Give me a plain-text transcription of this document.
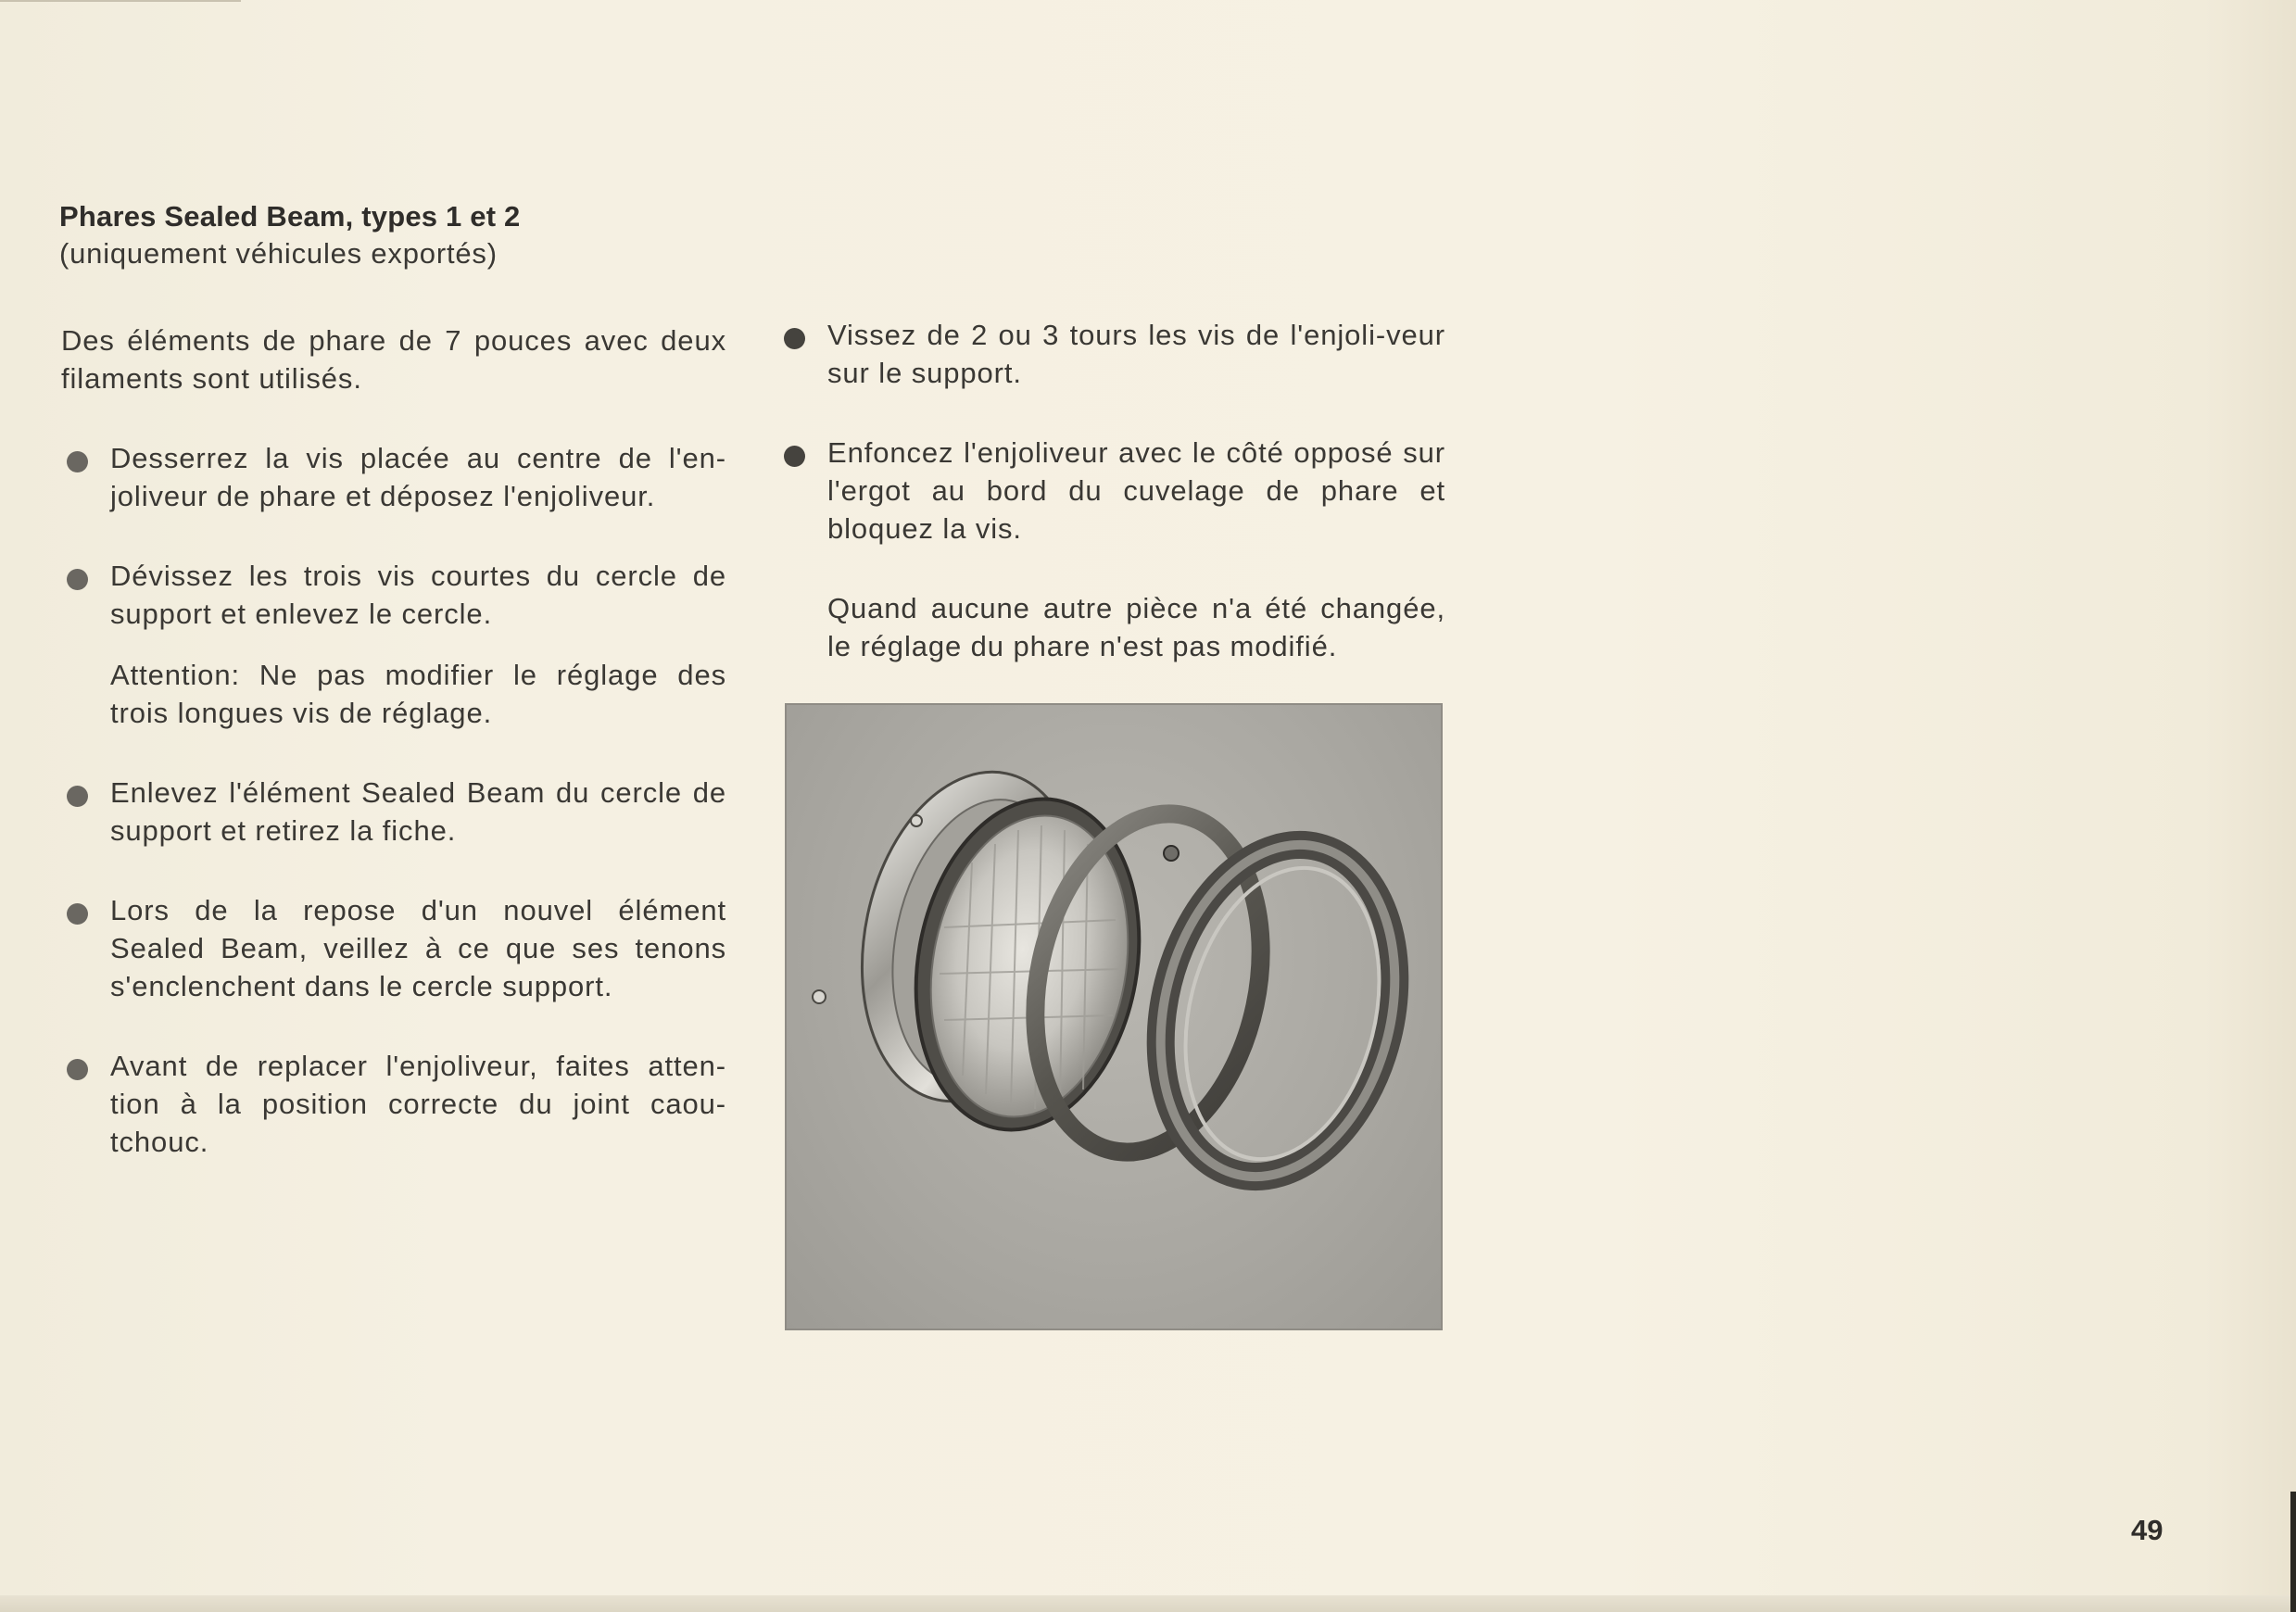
Phares Sealed Beam, types 1 et 2
(uniquement véhicules exportés)
Des éléments de phare de 7 pouces avec deux filaments sont utilisés.
Desserrez la vis placée au centre de l'en-joliveur de phare et déposez l'enjoliveur.
Dévissez les trois vis courtes du cercle de support et enlevez le cercle.
Attention: Ne pas modifier le réglage des trois longues vis de réglage.
Enlevez l'élément Sealed Beam du cercle de support et retirez la fiche.
Lors de la repose d'un nouvel élément Sealed Beam, veillez à ce que ses tenons s'enclenchent dans le cercle support.
Avant de replacer l'enjoliveur, faites atten-tion à la position correcte du joint caou-tchouc.
Vissez de 2 ou 3 tours les vis de l'enjoli-veur sur le support.
Enfoncez l'enjoliveur avec le côté opposé sur l'ergot au bord du cuvelage de phare et bloquez la vis.
Quand aucune autre pièce n'a été changée, le réglage du phare n'est pas modifié.
49
